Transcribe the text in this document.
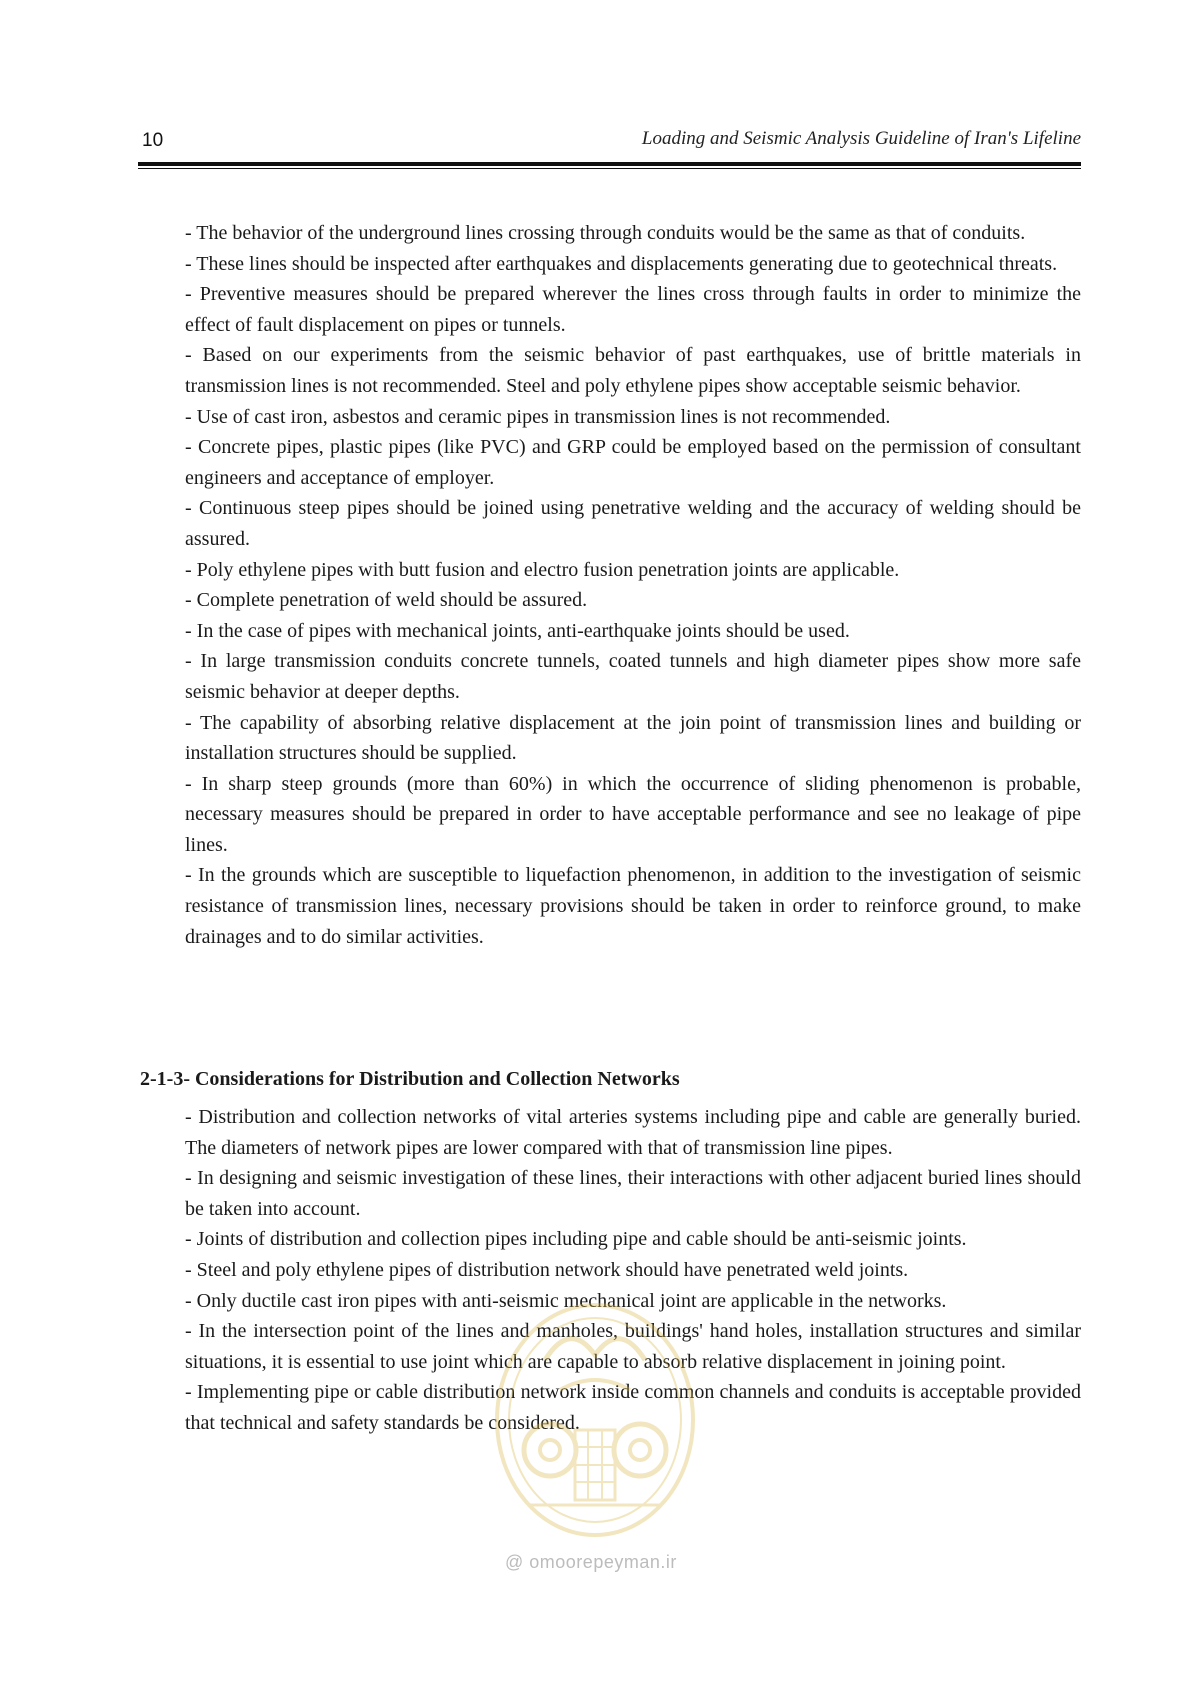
10	Loading and Seismic Analysis Guideline of Iran's Lifeline

- The behavior of the underground lines crossing through conduits would be the same as that of conduits.

- These lines should be inspected after earthquakes and displacements generating due to geotechnical threats.

- Preventive measures should be prepared wherever the lines cross through faults in order to minimize the effect of fault displacement on pipes or tunnels.

- Based on our experiments from the seismic behavior of past earthquakes, use of brittle materials in transmission lines is not recommended. Steel and poly ethylene pipes show acceptable seismic behavior.

- Use of cast iron, asbestos and ceramic pipes in transmission lines is not recommended.

- Concrete pipes, plastic pipes (like PVC) and GRP could be employed based on the permission of consultant engineers and acceptance of employer.

- Continuous steep pipes should be joined using penetrative welding and the accuracy of welding should be assured.

- Poly ethylene pipes with butt fusion and electro fusion penetration joints are applicable.

- Complete penetration of weld should be assured.

- In the case of pipes with mechanical joints, anti-earthquake joints should be used.

- In large transmission conduits concrete tunnels, coated tunnels and high diameter pipes show more safe seismic behavior at deeper depths.

- The capability of absorbing relative displacement at the join point of transmission lines and building or installation structures should be supplied.

- In sharp steep grounds (more than 60%) in which the occurrence of sliding phenomenon is probable, necessary measures should be prepared in order to have acceptable performance and see no leakage of pipe lines.

- In the grounds which are susceptible to liquefaction phenomenon, in addition to the investigation of seismic resistance of transmission lines, necessary provisions should be taken in order to reinforce ground, to make drainages and to do similar activities.

2-1-3- Considerations for Distribution and Collection Networks

- Distribution and collection networks of vital arteries systems including pipe and cable are generally buried. The diameters of network pipes are lower compared with that of transmission line pipes.

- In designing and seismic investigation of these lines, their interactions with other adjacent buried lines should be taken into account.

- Joints of distribution and collection pipes including pipe and cable should be anti-seismic joints.

- Steel and poly ethylene pipes of distribution network should have penetrated weld joints.

- Only ductile cast iron pipes with anti-seismic mechanical joint are applicable in the networks.

- In the intersection point of the lines and manholes, buildings' hand holes, installation structures and similar situations, it is essential to use joint which are capable to absorb relative displacement in joining point.

- Implementing pipe or cable distribution network inside common channels and conduits is acceptable provided that technical and safety standards be considered.

@ omoorepeyman.ir
